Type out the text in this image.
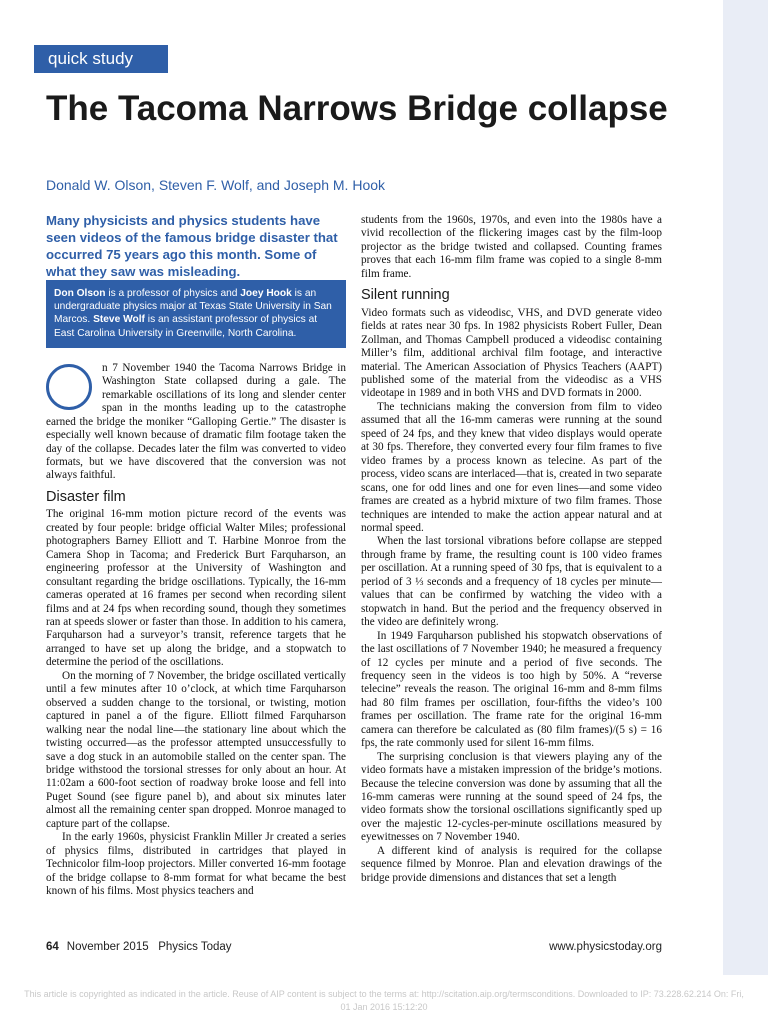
quick study
The Tacoma Narrows Bridge collapse
Donald W. Olson, Steven F. Wolf, and Joseph M. Hook

Many physicists and physics students have seen videos of the famous bridge disaster that occurred 75 years ago this month. Some of what they saw was misleading.

Don Olson is a professor of physics and Joey Hook is an undergraduate physics major at Texas State University in San Marcos. Steve Wolf is an assistant professor of physics at East Carolina University in Greenville, North Carolina.

n 7 November 1940 the Tacoma Narrows Bridge in Washington State collapsed during a gale. The remarkable oscillations of its long and slender center span in the months leading up to the catastrophe earned the bridge the moniker “Galloping Gertie.” The disaster is especially well known because of dramatic film footage taken the day of the collapse. Decades later the film was converted to video formats, but we have discovered that the conversion was not always faithful.

Disaster film

The original 16-mm motion picture record of the events was created by four people: bridge official Walter Miles; professional photographers Barney Elliott and T. Harbine Monroe from the Camera Shop in Tacoma; and Frederick Burt Farquharson, an engineering professor at the University of Washington and consultant regarding the bridge oscillations. Typically, the 16-mm cameras operated at 16 frames per second when recording silent films and at 24 fps when recording sound, though they sometimes ran at speeds slower or faster than those. In addition to his camera, Farquharson had a surveyor’s transit, reference targets that he arranged to have set up along the bridge, and a stopwatch to determine the period of the oscillations.

On the morning of 7 November, the bridge oscillated vertically until a few minutes after 10 o’clock, at which time Farquharson observed a sudden change to the torsional, or twisting, motion captured in panel a of the figure. Elliott filmed Farquharson walking near the nodal line—the stationary line about which the twisting occurred—as the professor attempted unsuccessfully to save a dog stuck in an automobile stalled on the center span. The bridge withstood the torsional stresses for only about an hour. At 11:02am a 600-foot section of roadway broke loose and fell into Puget Sound (see figure panel b), and about six minutes later almost all the remaining center span dropped. Monroe managed to capture part of the collapse.

In the early 1960s, physicist Franklin Miller Jr created a series of physics films, distributed in cartridges that played in Technicolor film-loop projectors. Miller converted 16-mm footage of the bridge collapse to 8-mm format for what became the best known of his films. Most physics teachers and

students from the 1960s, 1970s, and even into the 1980s have a vivid recollection of the flickering images cast by the film-loop projector as the bridge twisted and collapsed. Counting frames proves that each 16-mm film frame was copied to a single 8-mm film frame.

Silent running

Video formats such as videodisc, VHS, and DVD generate video fields at rates near 30 fps. In 1982 physicists Robert Fuller, Dean Zollman, and Thomas Campbell produced a videodisc containing Miller’s film, additional archival film footage, and interactive material. The American Association of Physics Teachers (AAPT) published some of the material from the videodisc as a VHS videotape in 1989 and in both VHS and DVD formats in 2000.

The technicians making the conversion from film to video assumed that all the 16-mm cameras were running at the sound speed of 24 fps, and they knew that video displays would operate at 30 fps. Therefore, they converted every four film frames to five video frames by a process known as telecine. As part of the process, video scans are interlaced—that is, created in two separate scans, one for odd lines and one for even lines—and some video frames are created as a hybrid mixture of two film frames. Those techniques are intended to make the action appear natural and at normal speed.

When the last torsional vibrations before collapse are stepped through frame by frame, the resulting count is 100 video frames per oscillation. At a running speed of 30 fps, that is equivalent to a period of 3 ⅓ seconds and a frequency of 18 cycles per minute—values that can be confirmed by watching the video with a stopwatch in hand. But the period and the frequency observed in the video are definitely wrong.

In 1949 Farquharson published his stopwatch observations of the last oscillations of 7 November 1940; he measured a frequency of 12 cycles per minute and a period of five seconds. The frequency seen in the videos is too high by 50%. A “reverse telecine” reveals the reason. The original 16-mm and 8-mm films had 80 film frames per oscillation, four-fifths the video’s 100 frames per oscillation. The frame rate for the original 16-mm camera can therefore be calculated as (80 film frames)/(5 s) = 16 fps, the rate commonly used for silent 16-mm films.

The surprising conclusion is that viewers playing any of the video formats have a mistaken impression of the bridge’s motions. Because the telecine conversion was done by assuming that all the 16-mm cameras were running at the sound speed of 24 fps, the video formats show the torsional oscillations significantly sped up over the majestic 12-cycles-per-minute oscillations measured by eyewitnesses on 7 November 1940.

A different kind of analysis is required for the collapse sequence filmed by Monroe. Plan and elevation drawings of the bridge provide dimensions and distances that set a length

64 November 2015   Physics Today	www.physicstoday.org
This article is copyrighted as indicated in the article. Reuse of AIP content is subject to the terms at: http://scitation.aip.org/termsconditions. Downloaded to IP: 73.228.62.214 On: Fri, 01 Jan 2016 15:12:20
